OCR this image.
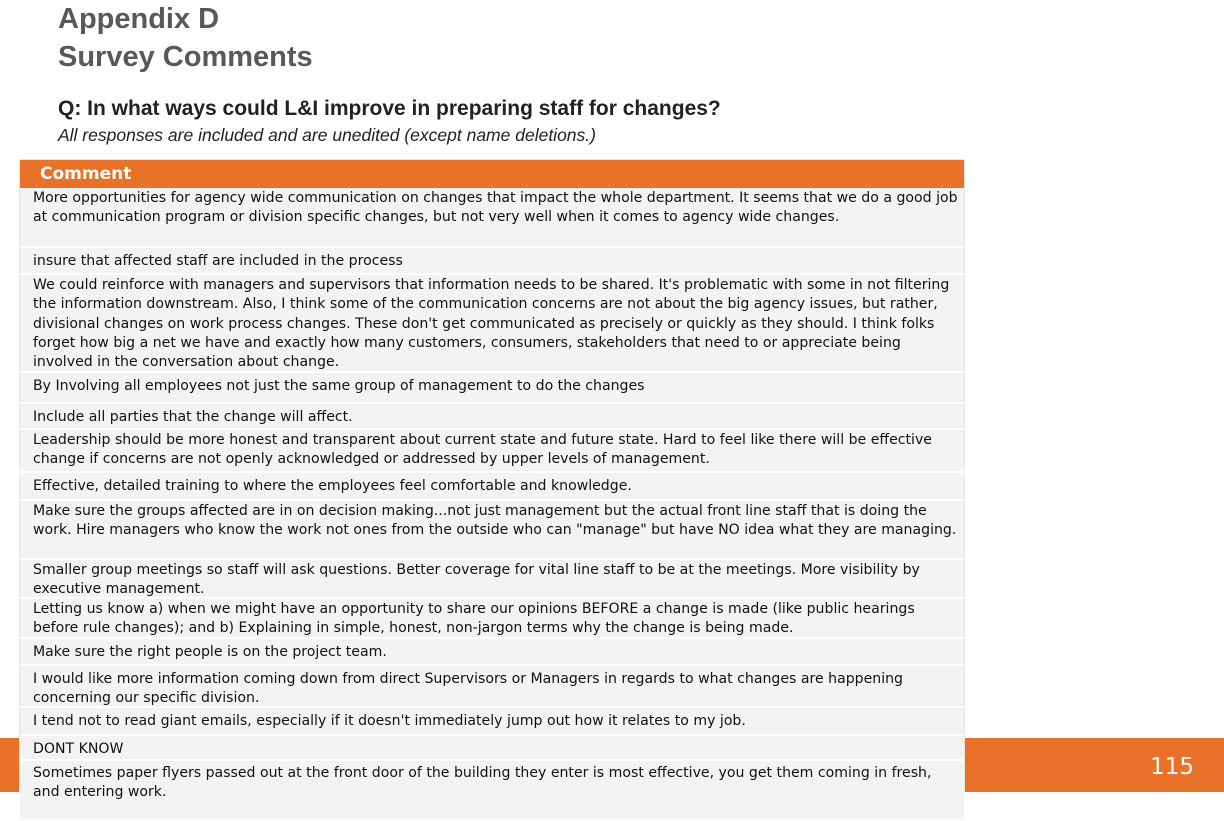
Appendix D
Survey Comments
Q: In what ways could L&I improve in preparing staff for changes?
All responses are included and are unedited (except name deletions.)
Comment
More opportunities for agency wide communication on changes that impact the whole department. It seems that we do a good job at communication program or division specific changes, but not very well when it comes to agency wide changes.
insure that affected staff are included in the process
We could reinforce with managers and supervisors that information needs to be shared. It's problematic with some in not filtering the information downstream. Also, I think some of the communication concerns are not about the big agency issues, but rather, divisional changes on work process changes. These don't get communicated as precisely or quickly as they should. I think folks forget how big a net we have and exactly how many customers, consumers, stakeholders that need to or appreciate being involved in the conversation about change.
By Involving all employees not just the same group of management to do the changes
Include all parties that the change will affect.
Leadership should be more honest and transparent about current state and future state. Hard to feel like there will be effective change if concerns are not openly acknowledged or addressed by upper levels of management.
Effective, detailed training to where the employees feel comfortable and knowledge.
Make sure the groups affected are in on decision making...not just management but the actual front line staff that is doing the work. Hire managers who know the work not ones from the outside who can "manage" but have NO idea what they are managing.
Smaller group meetings so staff will ask questions. Better coverage for vital line staff to be at the meetings. More visibility by executive management.
Letting us know a) when we might have an opportunity to share our opinions BEFORE a change is made (like public hearings before rule changes); and b) Explaining in simple, honest, non-jargon terms why the change is being made.
Make sure the right people is on the project team.
I would like more information coming down from direct Supervisors or Managers in regards to what changes are happening concerning our specific division.
I tend not to read giant emails, especially if it doesn't immediately jump out how it relates to my job.
DONT KNOW
Sometimes paper flyers passed out at the front door of the building they enter is most effective, you get them coming in fresh, and entering work.
115
